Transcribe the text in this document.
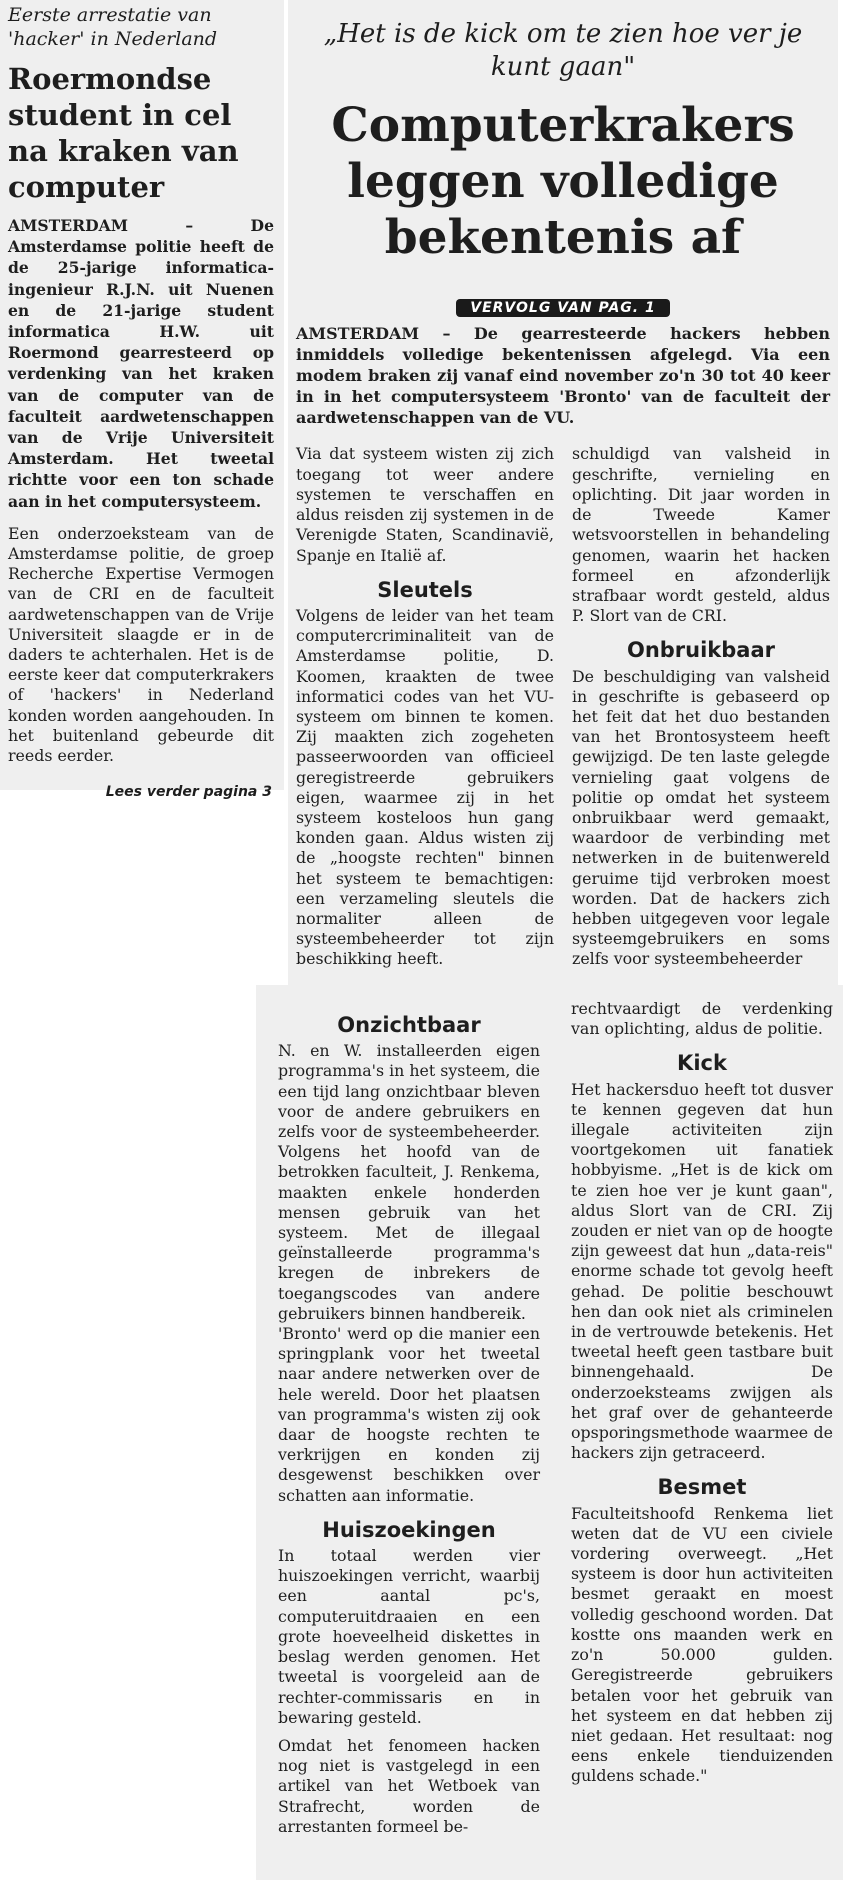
Eerste arrestatie van 'hacker' in Nederland
Roermondse student in cel na kraken van computer

AMSTERDAM – De Amsterdamse politie heeft de de 25-jarige informatica-ingenieur R.J.N. uit Nuenen en de 21-jarige student informatica H.W. uit Roermond gearresteerd op verdenking van het kraken van de computer van de faculteit aardwetenschappen van de Vrije Universiteit Amsterdam. Het tweetal richtte voor een ton schade aan in het computersysteem.

Een onderzoeksteam van de Amsterdamse politie, de groep Recherche Expertise Vermogen van de CRI en de faculteit aardwetenschappen van de Vrije Universiteit slaagde er in de daders te achterhalen. Het is de eerste keer dat computerkrakers of 'hackers' in Nederland konden worden aangehouden. In het buitenland gebeurde dit reeds eerder.

Lees verder pagina 3
„Het is de kick om te zien hoe ver je kunt gaan"
Computerkrakers leggen volledige bekentenis af
VERVOLG VAN PAG. 1
AMSTERDAM – De gearresteerde hackers hebben inmiddels volledige bekentenissen afgelegd. Via een modem braken zij vanaf eind november zo'n 30 tot 40 keer in in het computersysteem 'Bronto' van de faculteit der aardwetenschappen van de VU.

Via dat systeem wisten zij zich toegang tot weer andere systemen te verschaffen en aldus reisden zij systemen in de Verenigde Staten, Scandinavië, Spanje en Italië af.

Sleutels

Volgens de leider van het team computercriminaliteit van de Amsterdamse politie, D. Koomen, kraakten de twee informatici codes van het VU-systeem om binnen te komen. Zij maakten zich zogeheten passeerwoorden van officieel geregistreerde gebruikers eigen, waarmee zij in het systeem kosteloos hun gang konden gaan. Aldus wisten zij de „hoogste rechten" binnen het systeem te bemachtigen: een verzameling sleutels die normaliter alleen de systeembeheerder tot zijn beschikking heeft.

schuldigd van valsheid in geschrifte, vernieling en oplichting. Dit jaar worden in de Tweede Kamer wetsvoorstellen in behandeling genomen, waarin het hacken formeel en afzonderlijk strafbaar wordt gesteld, aldus P. Slort van de CRI.

Onbruikbaar

De beschuldiging van valsheid in geschrifte is gebaseerd op het feit dat het duo bestanden van het Brontosysteem heeft gewijzigd. De ten laste gelegde vernieling gaat volgens de politie op omdat het systeem onbruikbaar werd gemaakt, waardoor de verbinding met netwerken in de buitenwereld geruime tijd verbroken moest worden. Dat de hackers zich hebben uitgegeven voor legale systeemgebruikers en soms zelfs voor systeembeheerder

Onzichtbaar

N. en W. installeerden eigen programma's in het systeem, die een tijd lang onzichtbaar bleven voor de andere gebruikers en zelfs voor de systeembeheerder. Volgens het hoofd van de betrokken faculteit, J. Renkema, maakten enkele honderden mensen gebruik van het systeem. Met de illegaal geïnstalleerde programma's kregen de inbrekers de toegangscodes van andere gebruikers binnen handbereik.

'Bronto' werd op die manier een springplank voor het tweetal naar andere netwerken over de hele wereld. Door het plaatsen van programma's wisten zij ook daar de hoogste rechten te verkrijgen en konden zij desgewenst beschikken over schatten aan informatie.

Huiszoekingen

In totaal werden vier huiszoekingen verricht, waarbij een aantal pc's, computeruitdraaien en een grote hoeveelheid diskettes in beslag werden genomen. Het tweetal is voorgeleid aan de rechter-commissaris en in bewaring gesteld.

Omdat het fenomeen hacken nog niet is vastgelegd in een artikel van het Wetboek van Strafrecht, worden de arrestanten formeel be-

rechtvaardigt de verdenking van oplichting, aldus de politie.

Kick

Het hackersduo heeft tot dusver te kennen gegeven dat hun illegale activiteiten zijn voortgekomen uit fanatiek hobbyisme. „Het is de kick om te zien hoe ver je kunt gaan", aldus Slort van de CRI. Zij zouden er niet van op de hoogte zijn geweest dat hun „data-reis" enorme schade tot gevolg heeft gehad. De politie beschouwt hen dan ook niet als criminelen in de vertrouwde betekenis. Het tweetal heeft geen tastbare buit binnengehaald. De onderzoeksteams zwijgen als het graf over de gehanteerde opsporingsmethode waarmee de hackers zijn getraceerd.

Besmet

Faculteitshoofd Renkema liet weten dat de VU een civiele vordering overweegt. „Het systeem is door hun activiteiten besmet geraakt en moest volledig geschoond worden. Dat kostte ons maanden werk en zo'n 50.000 gulden. Geregistreerde gebruikers betalen voor het gebruik van het systeem en dat hebben zij niet gedaan. Het resultaat: nog eens enkele tienduizenden guldens schade."
